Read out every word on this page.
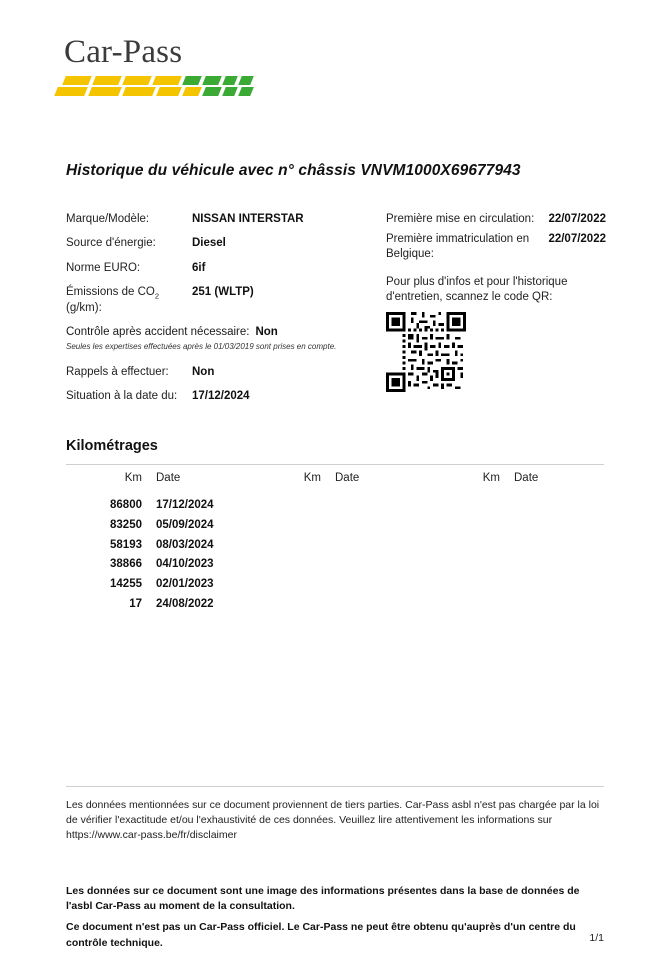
Car-Pass
Historique du véhicule avec n° châssis VNVM1000X69677943
Marque/Modèle:	NISSAN INTERSTAR
Source d'énergie:	Diesel
Norme EURO:	6if
Émissions de $CO_2$
(g/km):
251 (WLTP)
Contrôle après accident nécessaire: Non
Seules les expertises effectuées après le 01/03/2019 sont prises en compte.
Rappels à effectuer:	Non
Situation à la date du:	17/12/2024
Première mise en circulation: 22/07/2022
Première immatriculation en Belgique:
22/07/2022
Pour plus d'infos et pour l'historique d'entretien, scannez le code QR:
Kilométrages
Km	Date
86800	17/12/2024
83250	05/09/2024
58193	08/03/2024
38866	04/10/2023
14255	02/01/2023
17	24/08/2022
Km	Date	Km	Date
Les données mentionnées sur ce document proviennent de tiers parties. Car-Pass asbl n'est pas chargée par la loi de vérifier l'exactitude et/ou l'exhaustivité de ces données. Veuillez lire attentivement les informations sur https://www.car-pass.be/fr/disclaimer

Les données sur ce document sont une image des informations présentes dans la base de données de l'asbl Car-Pass au moment de la consultation.

Ce document n'est pas un Car-Pass officiel. Le Car-Pass ne peut être obtenu qu'auprès d'un centre du contrôle technique.	1/1
